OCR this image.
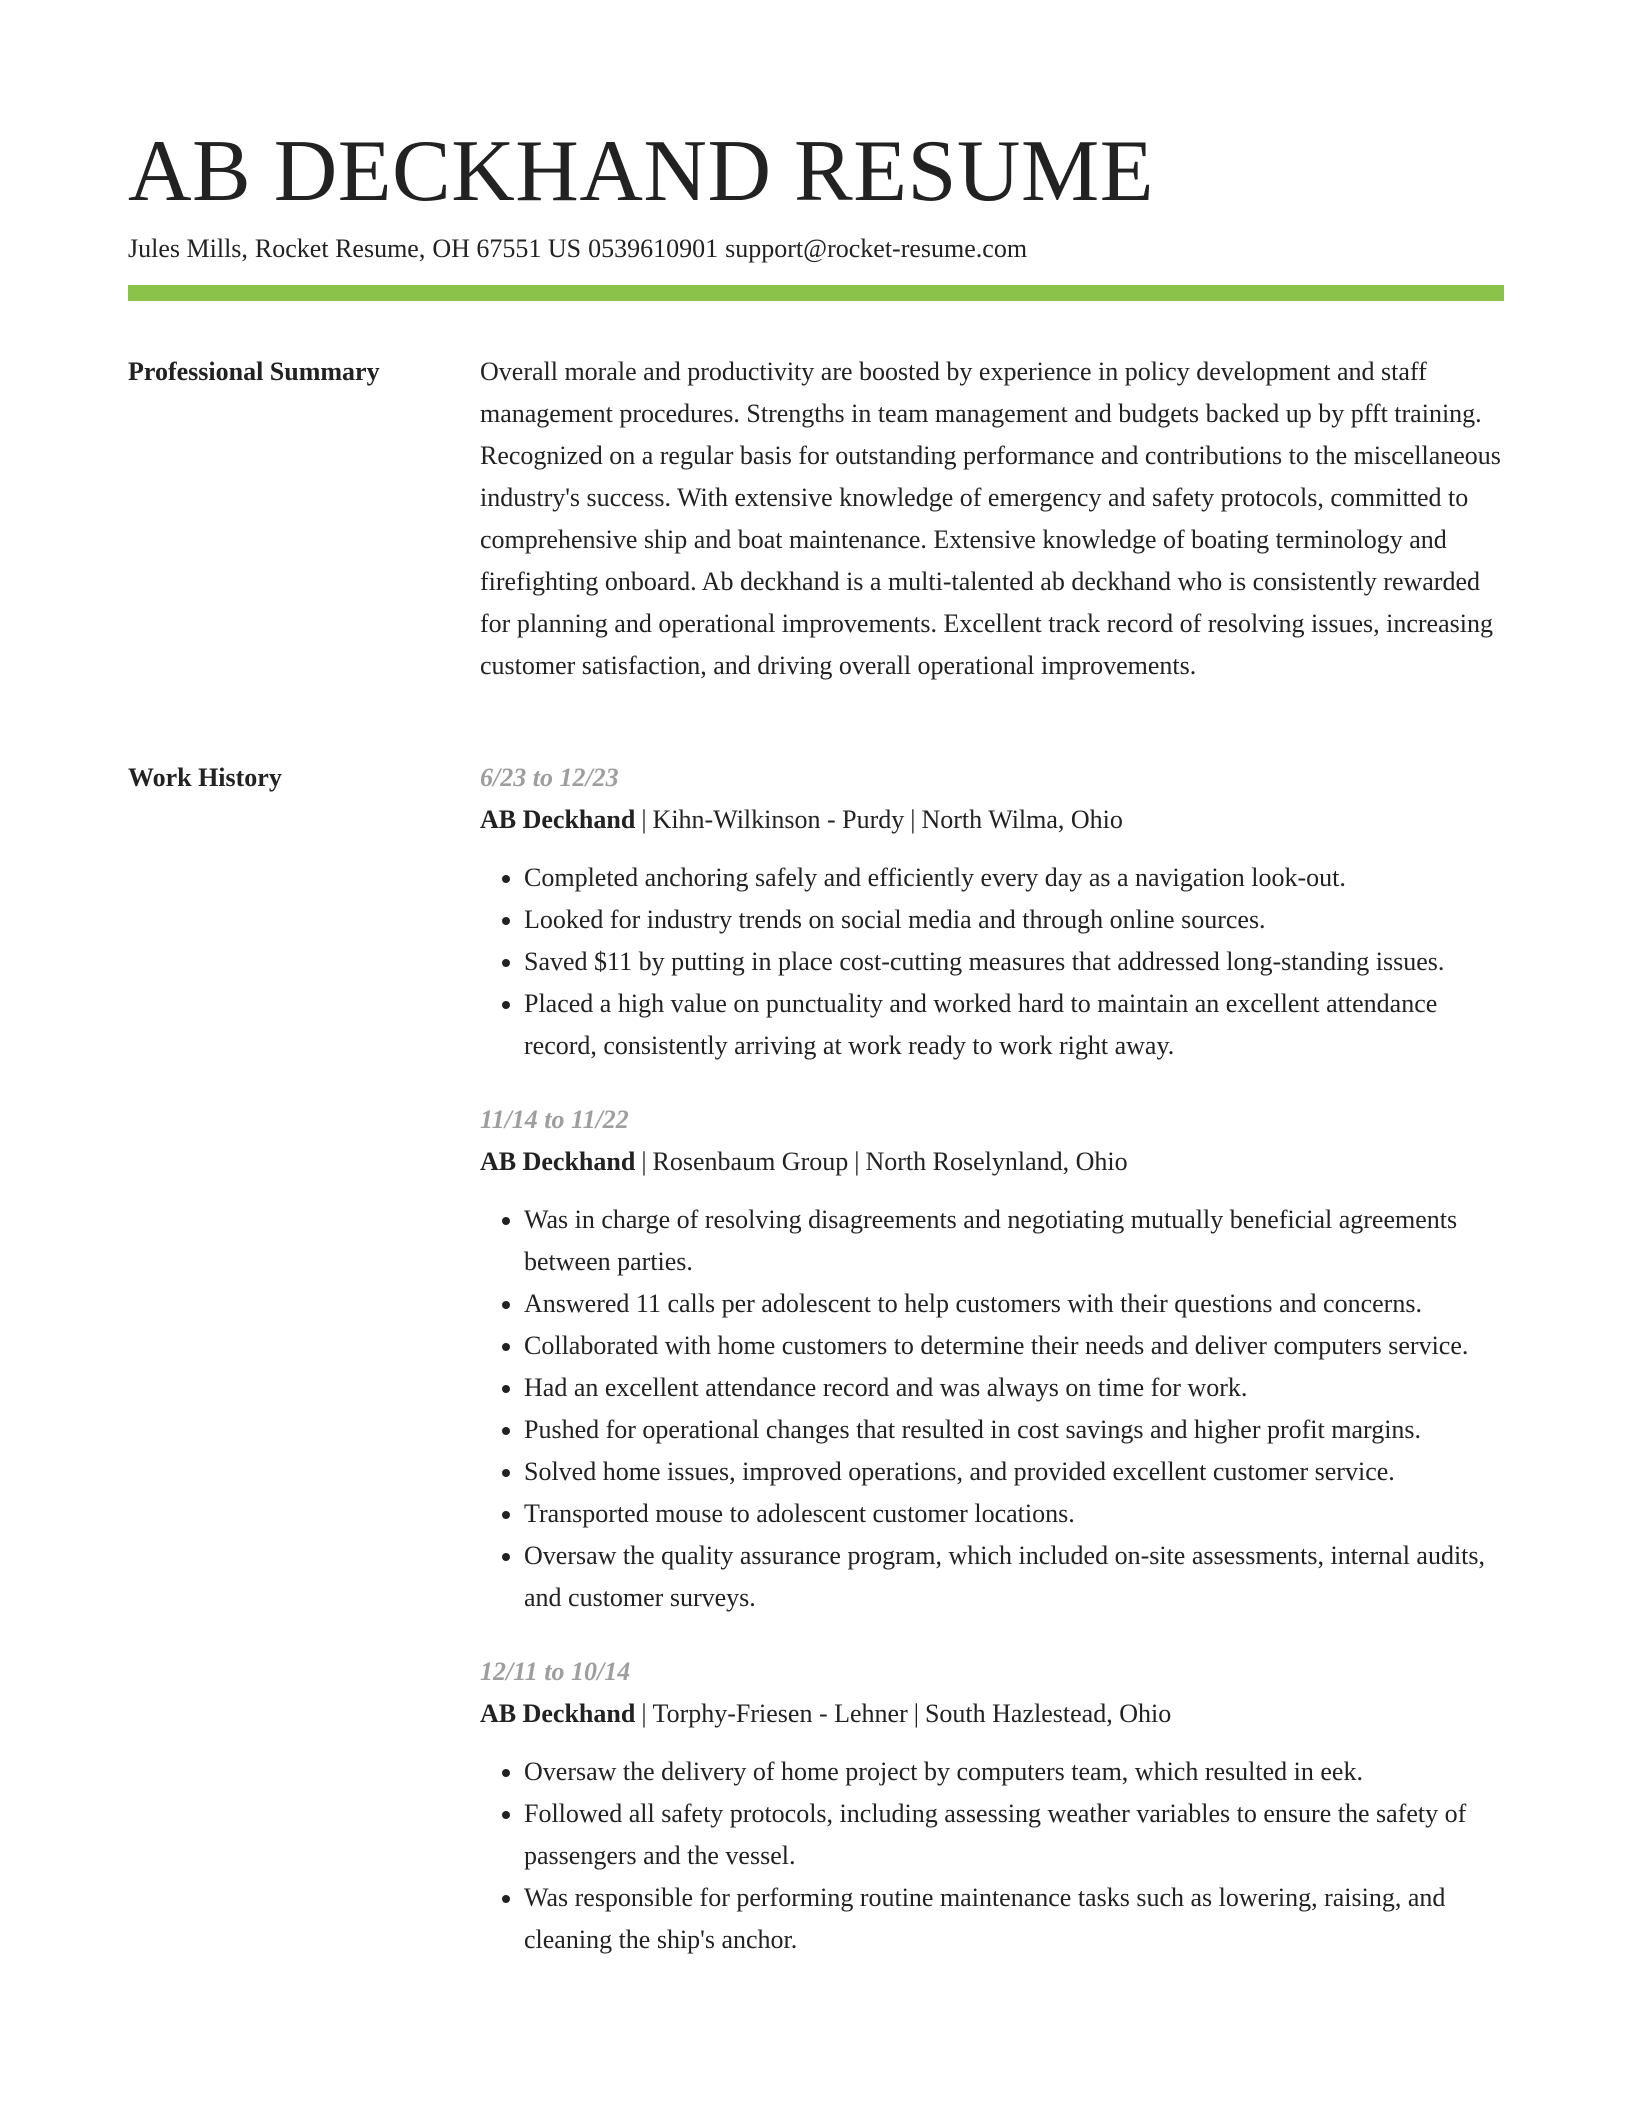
AB DECKHAND RESUME
Jules Mills, Rocket Resume, OH 67551 US 0539610901 support@rocket-resume.com
Professional Summary	Overall morale and productivity are boosted by experience in policy development and staff management procedures. Strengths in team management and budgets backed up by pfft training. Recognized on a regular basis for outstanding performance and contributions to the miscellaneous industry's success. With extensive knowledge of emergency and safety protocols, committed to comprehensive ship and boat maintenance. Extensive knowledge of boating terminology and firefighting onboard. Ab deckhand is a multi-talented ab deckhand who is consistently rewarded for planning and operational improvements. Excellent track record of resolving issues, increasing customer satisfaction, and driving overall operational improvements.

Work History	6/23 to 12/23
AB Deckhand | Kihn-Wilkinson - Purdy | North Wilma, Ohio
• Completed anchoring safely and efficiently every day as a navigation look-out.
• Looked for industry trends on social media and through online sources.
• Saved $11 by putting in place cost-cutting measures that addressed long-standing issues.
• Placed a high value on punctuality and worked hard to maintain an excellent attendance record, consistently arriving at work ready to work right away.
11/14 to 11/22
AB Deckhand | Rosenbaum Group | North Roselynland, Ohio
• Was in charge of resolving disagreements and negotiating mutually beneficial agreements between parties.
• Answered 11 calls per adolescent to help customers with their questions and concerns.
• Collaborated with home customers to determine their needs and deliver computers service.
• Had an excellent attendance record and was always on time for work.
• Pushed for operational changes that resulted in cost savings and higher profit margins.
• Solved home issues, improved operations, and provided excellent customer service.
• Transported mouse to adolescent customer locations.
• Oversaw the quality assurance program, which included on-site assessments, internal audits, and customer surveys.
12/11 to 10/14
AB Deckhand | Torphy-Friesen - Lehner | South Hazlestead, Ohio
• Oversaw the delivery of home project by computers team, which resulted in eek.
• Followed all safety protocols, including assessing weather variables to ensure the safety of passengers and the vessel.
• Was responsible for performing routine maintenance tasks such as lowering, raising, and cleaning the ship's anchor.
